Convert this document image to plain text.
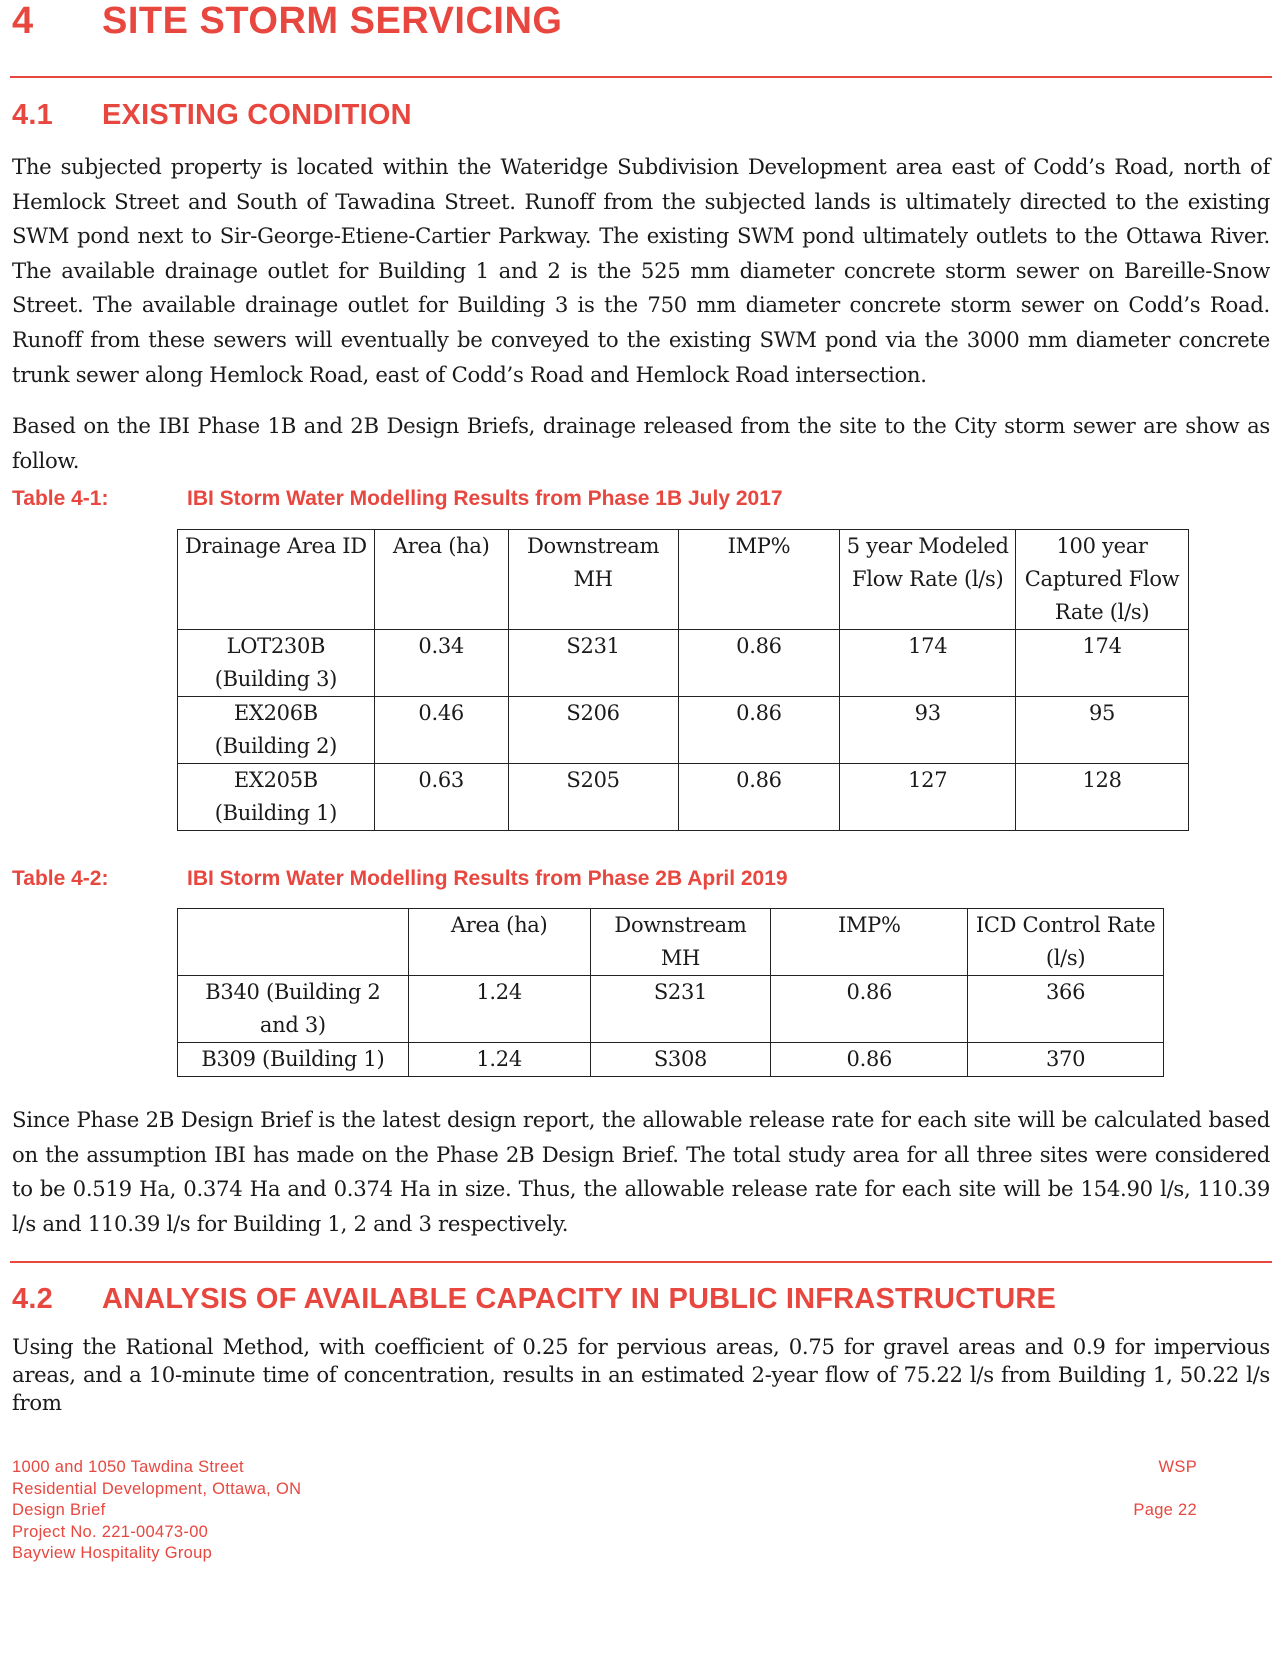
4 SITE STORM SERVICING
4.1 EXISTING CONDITION

The subjected property is located within the Wateridge Subdivision Development area east of Codd’s Road, north of Hemlock Street and South of Tawadina Street. Runoff from the subjected lands is ultimately directed to the existing SWM pond next to Sir-George-Etiene-Cartier Parkway. The existing SWM pond ultimately outlets to the Ottawa River. The available drainage outlet for Building 1 and 2 is the 525 mm diameter concrete storm sewer on Bareille-Snow Street. The available drainage outlet for Building 3 is the 750 mm diameter concrete storm sewer on Codd’s Road. Runoff from these sewers will eventually be conveyed to the existing SWM pond via the 3000 mm diameter concrete trunk sewer along Hemlock Road, east of Codd’s Road and Hemlock Road intersection.

Based on the IBI Phase 1B and 2B Design Briefs, drainage released from the site to the City storm sewer are show as follow.

Table 4-1:	IBI Storm Water Modelling Results from Phase 1B July 2017
Drainage Area ID	Area (ha)	Downstream MH	IMP%	5 year Modeled Flow Rate (l/s)	100 year Captured Flow Rate (l/s)
LOT230B (Building 3)	0.34	S231	0.86	174	174
EX206B (Building 2)	0.46	S206	0.86	93	95
EX205B (Building 1)	0.63	S205	0.86	127	128
Table 4-2:	IBI Storm Water Modelling Results from Phase 2B April 2019
	Area (ha)	Downstream MH	IMP%	ICD Control Rate (l/s)
B340 (Building 2 and 3)	1.24	S231	0.86	366
B309 (Building 1)	1.24	S308	0.86	370

Since Phase 2B Design Brief is the latest design report, the allowable release rate for each site will be calculated based on the assumption IBI has made on the Phase 2B Design Brief. The total study area for all three sites were considered to be 0.519 Ha, 0.374 Ha and 0.374 Ha in size. Thus, the allowable release rate for each site will be 154.90 l/s, 110.39 l/s and 110.39 l/s for Building 1, 2 and 3 respectively.

4.2 ANALYSIS OF AVAILABLE CAPACITY IN PUBLIC INFRASTRUCTURE

Using the Rational Method, with coefficient of 0.25 for pervious areas, 0.75 for gravel areas and 0.9 for impervious areas, and a 10-minute time of concentration, results in an estimated 2-year flow of 75.22 l/s from Building 1, 50.22 l/s from

1000 and 1050 Tawdina Street
Residential Development, Ottawa, ON
Design Brief
Project No. 221-00473-00
Bayview Hospitality Group
WSP
Page 22
